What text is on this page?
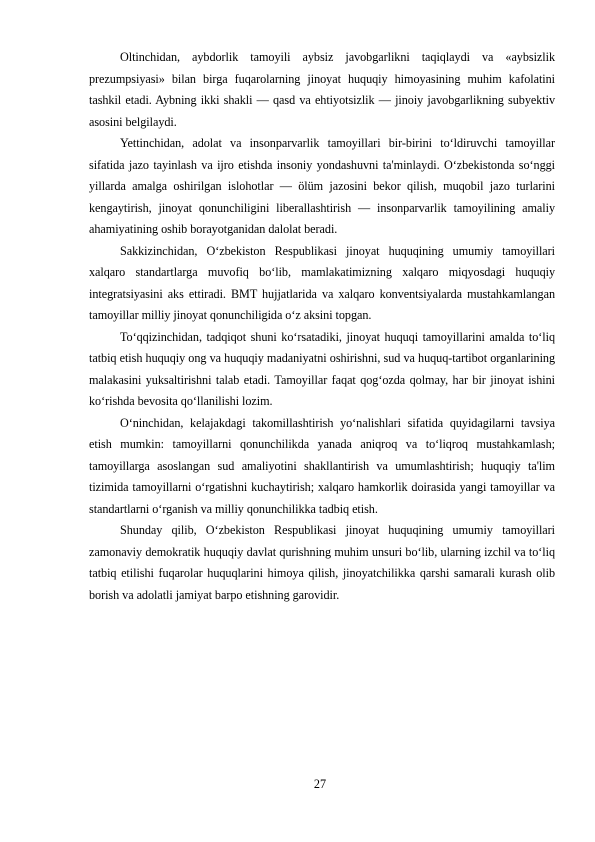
Oltinchidan, aybdorlik tamoyili aybsiz javobgarlikni taqiqlaydi va «aybsizlik prezumpsiyasi» bilan birga fuqarolarning jinoyat huquqiy himoyasining muhim kafolatini tashkil etadi. Aybning ikki shakli — qasd va ehtiyotsizlik — jinoiy javobgarlikning subyektiv asosini belgilaydi.

Yettinchidan, adolat va insonparvarlik tamoyillari bir-birini to‘ldiruvchi tamoyillar sifatida jazo tayinlash va ijro etishda insoniy yondashuvni ta'minlaydi. O‘zbekistonda so‘nggi yillarda amalga oshirilgan islohotlar — ölüm jazosini bekor qilish, muqobil jazo turlarini kengaytirish, jinoyat qonunchiligini liberallashtirish — insonparvarlik tamoyilining amaliy ahamiyatining oshib borayotganidan dalolat beradi.

Sakkizinchidan, O‘zbekiston Respublikasi jinoyat huquqining umumiy tamoyillari xalqaro standartlarga muvofiq bo‘lib, mamlakatimizning xalqaro miqyosdagi huquqiy integratsiyasini aks ettiradi. BMT hujjatlarida va xalqaro konventsiyalarda mustahkamlangan tamoyillar milliy jinoyat qonunchiligida o‘z aksini topgan.

To‘qqizinchidan, tadqiqot shuni ko‘rsatadiki, jinoyat huquqi tamoyillarini amalda to‘liq tatbiq etish huquqiy ong va huquqiy madaniyatni oshirishni, sud va huquq-tartibot organlarining malakasini yuksaltirishni talab etadi. Tamoyillar faqat qog‘ozda qolmay, har bir jinoyat ishini ko‘rishda bevosita qo‘llanilishi lozim.

O‘ninchidan, kelajakdagi takomillashtirish yo‘nalishlari sifatida quyidagilarni tavsiya etish mumkin: tamoyillarni qonunchilikda yanada aniqroq va to‘liqroq mustahkamlash; tamoyillarga asoslangan sud amaliyotini shakllantirish va umumlashtirish; huquqiy ta'lim tizimida tamoyillarni o‘rgatishni kuchaytirish; xalqaro hamkorlik doirasida yangi tamoyillar va standartlarni o‘rganish va milliy qonunchilikka tadbiq etish.

Shunday qilib, O‘zbekiston Respublikasi jinoyat huquqining umumiy tamoyillari zamonaviy demokratik huquqiy davlat qurishning muhim unsuri bo‘lib, ularning izchil va to‘liq tatbiq etilishi fuqarolar huquqlarini himoya qilish, jinoyatchilikka qarshi samarali kurash olib borish va adolatli jamiyat barpo etishning garovidir.

27
